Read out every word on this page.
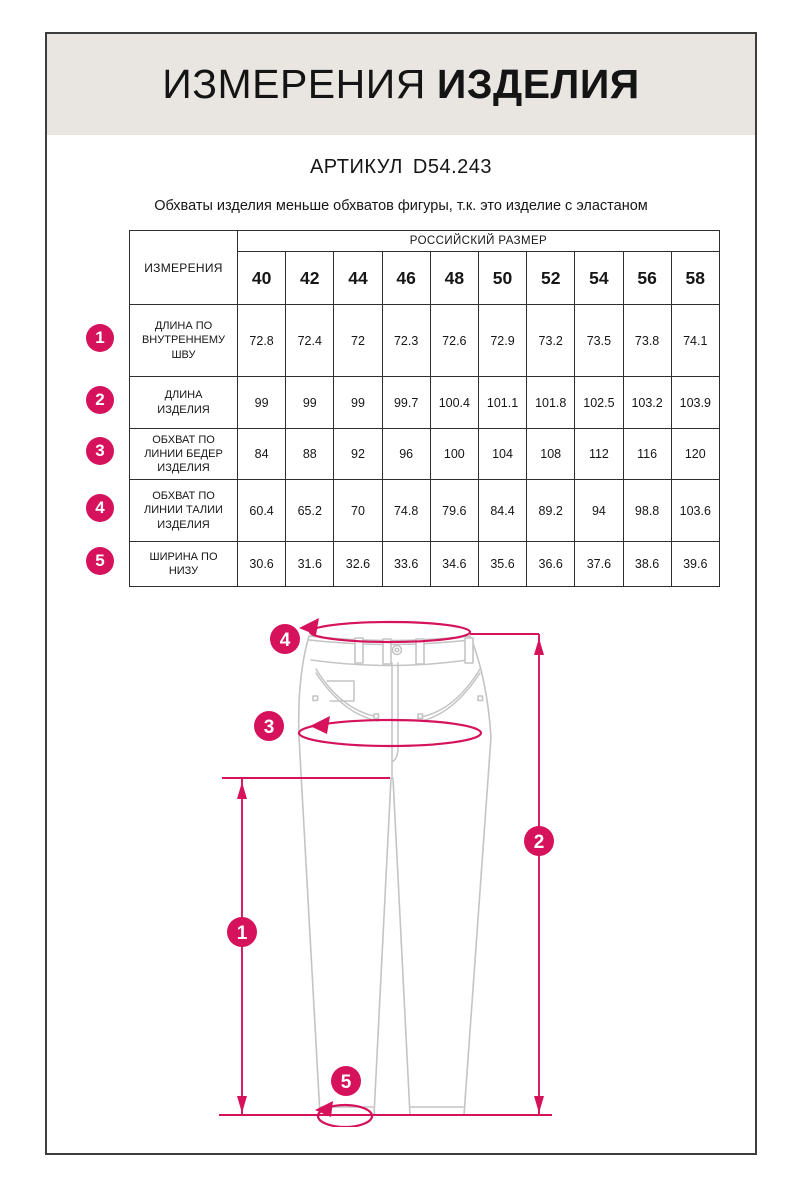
ИЗМЕРЕНИЯ ИЗДЕЛИЯ
АРТИКУЛ D54.243
Обхваты изделия меньше обхватов фигуры, т.к. это изделие с эластаном
ИЗМЕРЕНИЯ	РОССИЙСКИЙ РАЗМЕР									
	40	42	44	46	48	50	52	54	56	58
ДЛИНА ПО ВНУТРЕННЕМУ ШВУ	72.8	72.4	72	72.3	72.6	72.9	73.2	73.5	73.8	74.1
ДЛИНА ИЗДЕЛИЯ	99	99	99	99.7	100.4	101.1	101.8	102.5	103.2	103.9
ОБХВАТ ПО ЛИНИИ БЕДЕР ИЗДЕЛИЯ	84	88	92	96	100	104	108	112	116	120
ОБХВАТ ПО ЛИНИИ ТАЛИИ ИЗДЕЛИЯ	60.4	65.2	70	74.8	79.6	84.4	89.2	94	98.8	103.6
ШИРИНА ПО НИЗУ	30.6	31.6	32.6	33.6	34.6	35.6	36.6	37.6	38.6	39.6
1
2
3
4
5
1
2
3
4
5
